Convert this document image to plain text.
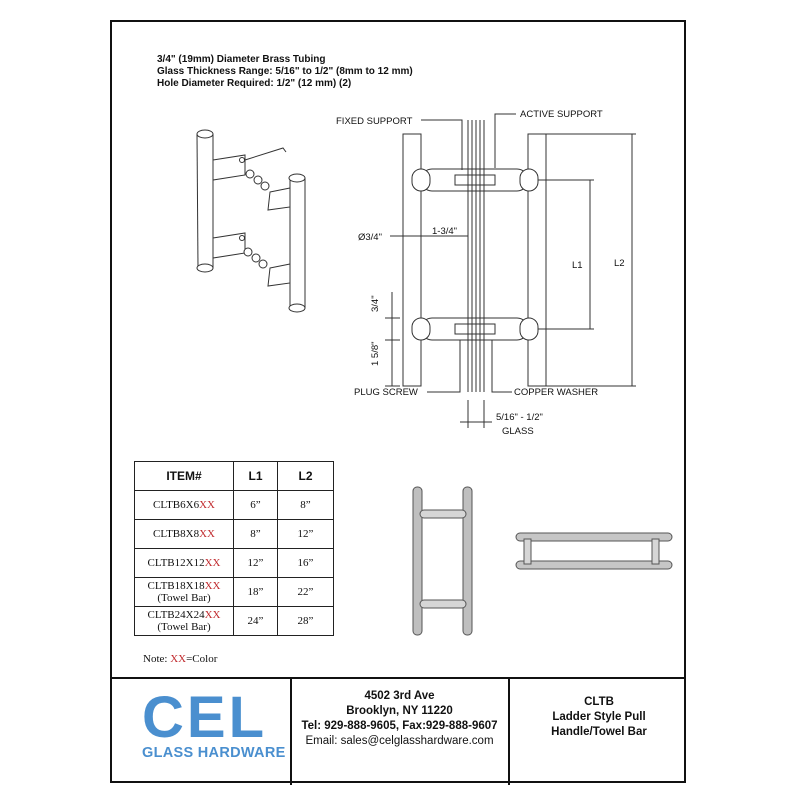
3/4" (19mm) Diameter Brass Tubing
Glass Thickness Range: 5/16" to 1/2" (8mm to 12 mm)
Hole Diameter Required: 1/2" (12 mm) (2)
FIXED SUPPORT
ACTIVE SUPPORT
Ø3/4"
1-3/4"
L1	L2
3/4"
1 5/8"
PLUG SCREW	COPPER WASHER
5/16" - 1/2"
GLASS
ITEM#	L1	L2
CLTB6X6XX	6”	8”
CLTB8X8XX	8”	12”
CLTB12X12XX	12”	16”
CLTB18X18XX
(Towel Bar)	18”	22”
CLTB24X24XX
(Towel Bar)	24”	28”
Note: XX=Color
CEL
GLASS HARDWARE
4502 3rd Ave
Brooklyn, NY 11220
Tel: 929-888-9605, Fax:929-888-9607
Email: sales@celglasshardware.com
CLTB
Ladder Style Pull
Handle/Towel Bar
